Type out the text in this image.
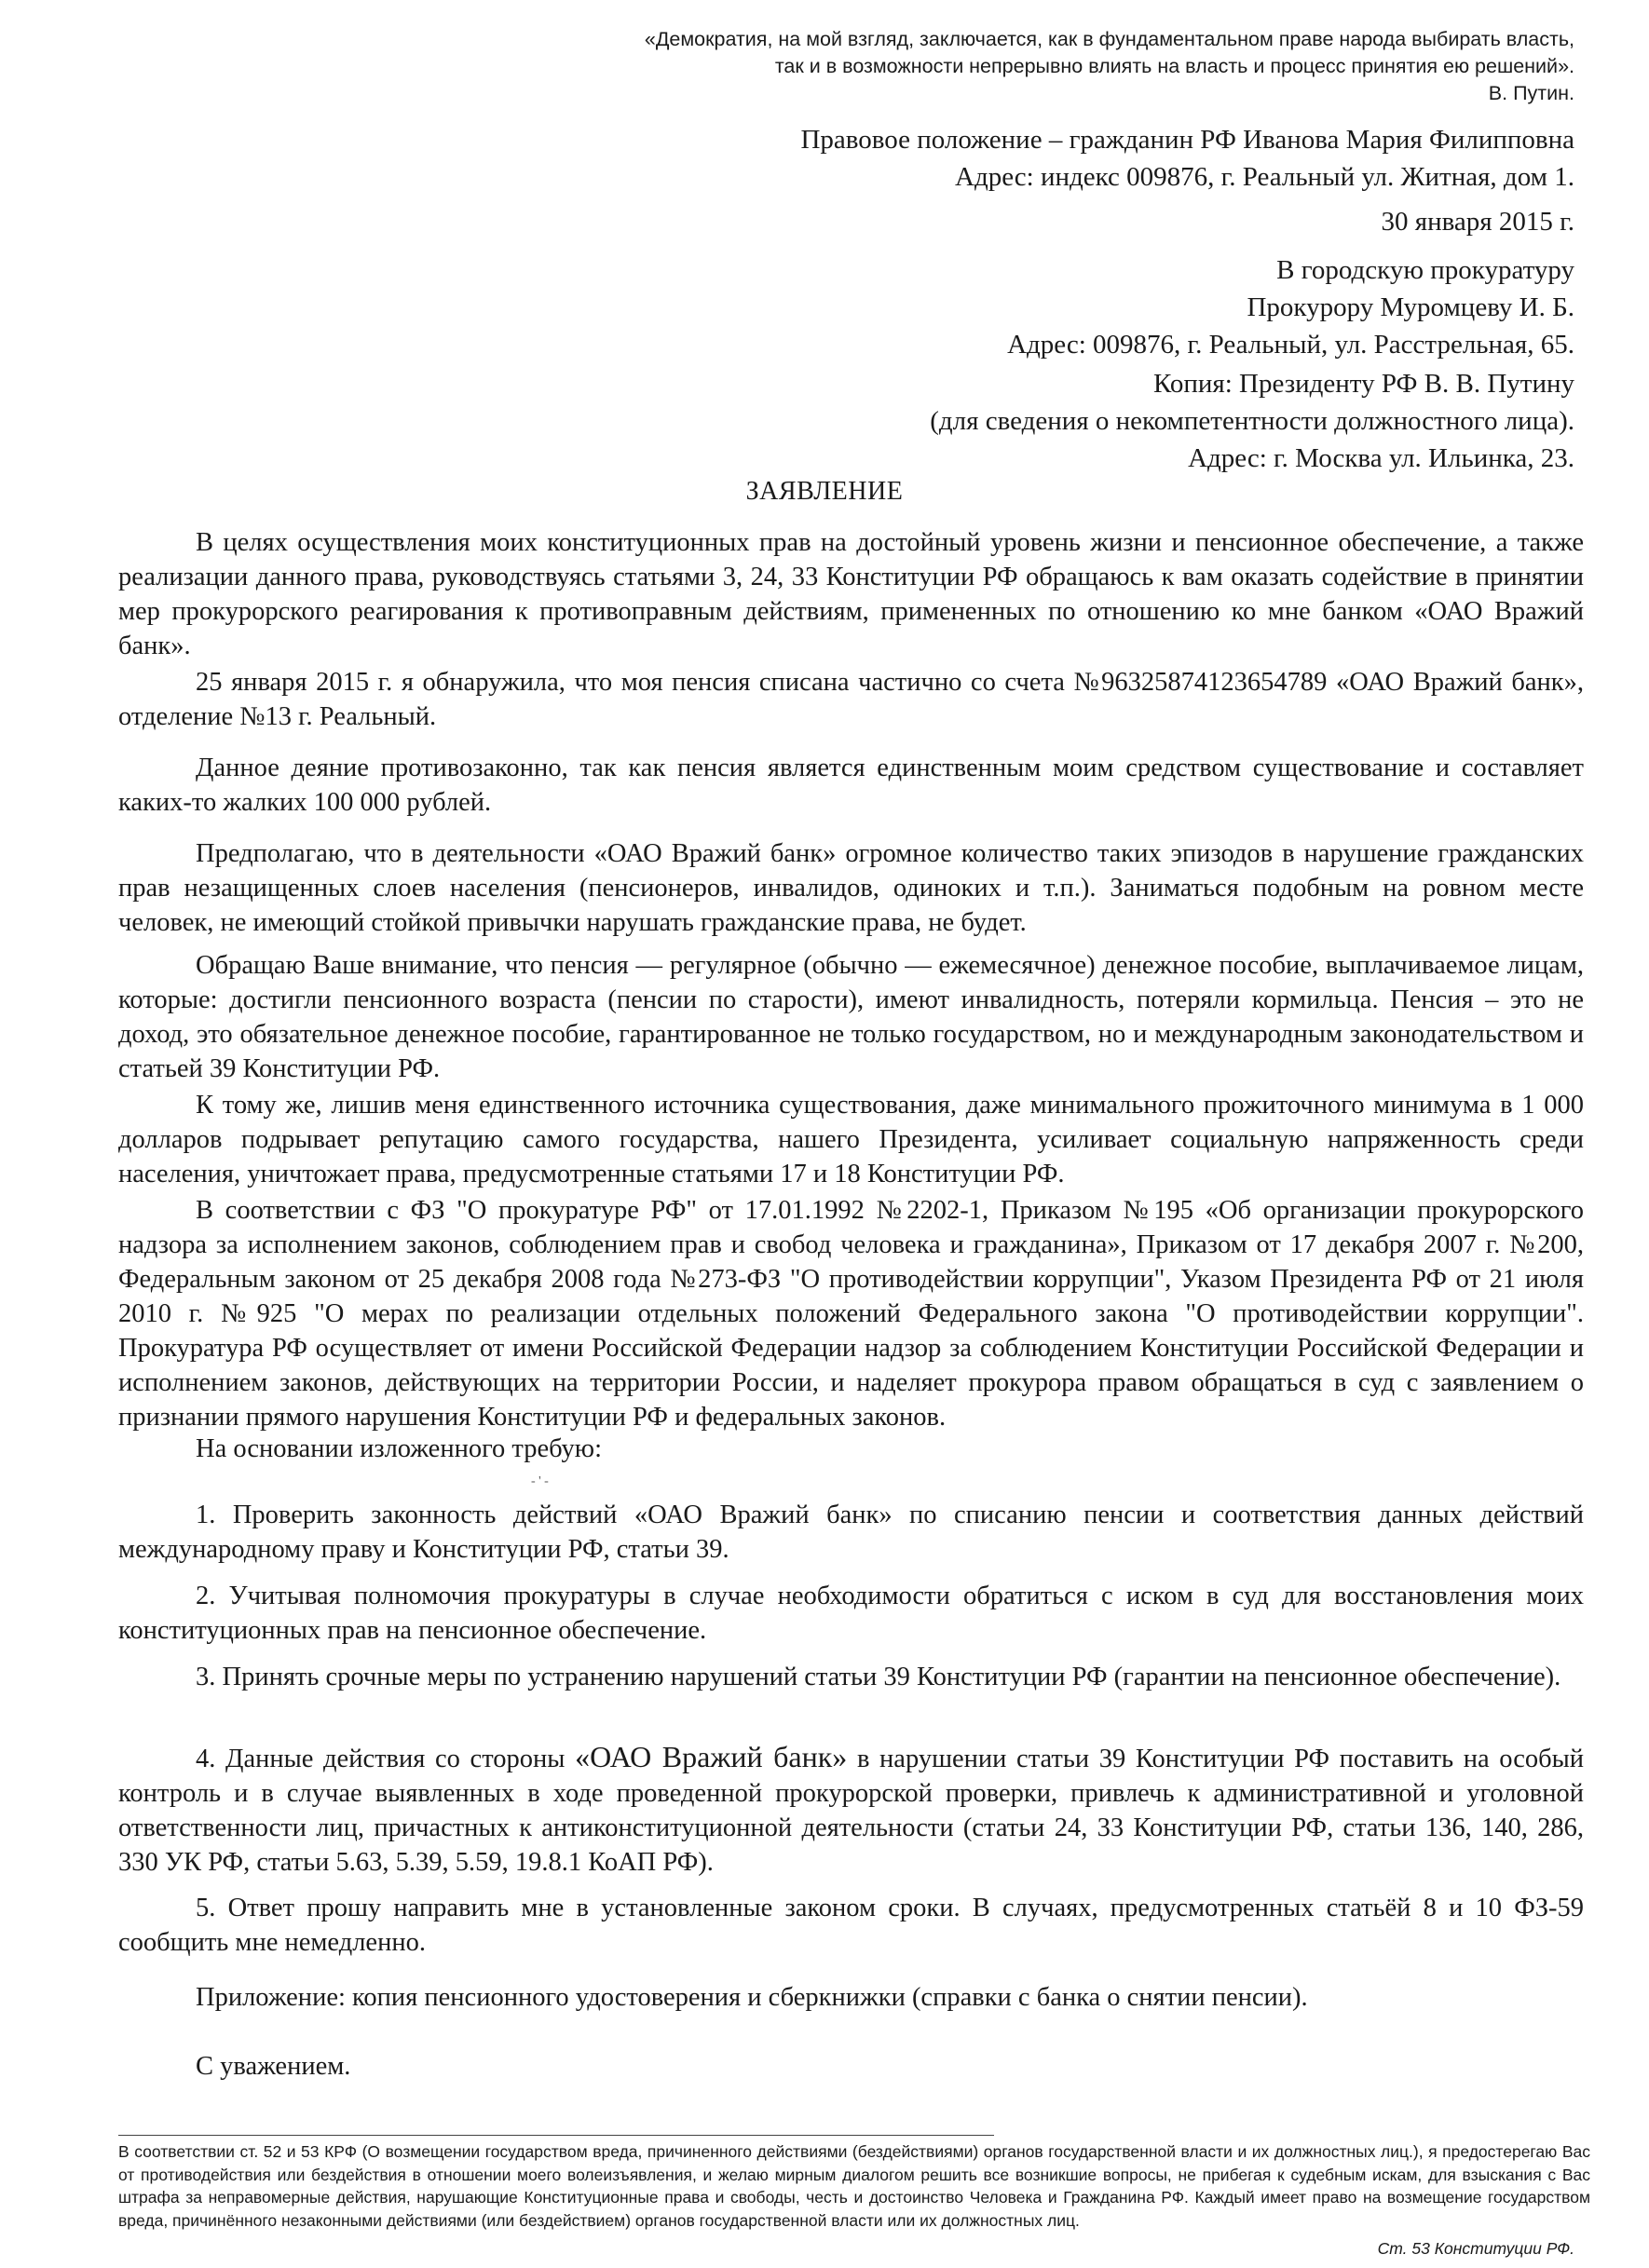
«Демократия, на мой взгляд, заключается, как в фундаментальном праве народа выбирать власть,
так и в возможности непрерывно влиять на власть и процесс принятия ею решений».
В. Путин.
Правовое положение – гражданин РФ Иванова Мария Филипповна
Адрес: индекс 009876, г. Реальный ул. Житная, дом 1.
30 января 2015 г.
В городскую прокуратуру
Прокурору Муромцеву И. Б.
Адрес: 009876, г. Реальный, ул. Расстрельная, 65.
Копия: Президенту РФ В. В. Путину
(для сведения о некомпетентности должностного лица).
Адрес: г. Москва ул. Ильинка, 23.
ЗАЯВЛЕНИЕ

В целях осуществления моих конституционных прав на достойный уровень жизни и пенсионное обеспечение, а также реализации данного права, руководствуясь статьями 3, 24, 33 Конституции РФ обращаюсь к вам оказать содействие в принятии мер прокурорского реагирования к противоправным действиям, примененных по отношению ко мне банком «ОАО Вражий банк».

25 января 2015 г. я обнаружила, что моя пенсия списана частично со счета №96325874123654789 «ОАО Вражий банк», отделение №13 г. Реальный.

Данное деяние противозаконно, так как пенсия является единственным моим средством существование и составляет каких-то жалких 100 000 рублей.

Предполагаю, что в деятельности «ОАО Вражий банк» огромное количество таких эпизодов в нарушение гражданских прав незащищенных слоев населения (пенсионеров, инвалидов, одиноких и т.п.). Заниматься подобным на ровном месте человек, не имеющий стойкой привычки нарушать гражданские права, не будет.

Обращаю Ваше внимание, что пенсия — регулярное (обычно — ежемесячное) денежное пособие, выплачиваемое лицам, которые: достигли пенсионного возраста (пенсии по старости), имеют инвалидность, потеряли кормильца. Пенсия – это не доход, это обязательное денежное пособие, гарантированное не только государством, но и международным законодательством и статьей 39 Конституции РФ.

К тому же, лишив меня единственного источника существования, даже минимального прожиточного минимума в 1 000 долларов подрывает репутацию самого государства, нашего Президента, усиливает социальную напряженность среди населения, уничтожает права, предусмотренные статьями 17 и 18 Конституции РФ.

В соответствии с ФЗ "О прокуратуре РФ" от 17.01.1992 №2202-1, Приказом №195 «Об организации прокурорского надзора за исполнением законов, соблюдением прав и свобод человека и гражданина», Приказом от 17 декабря 2007 г. №200, Федеральным законом от 25 декабря 2008 года №273-ФЗ "О противодействии коррупции", Указом Президента РФ от 21 июля 2010 г. №925 "О мерах по реализации отдельных положений Федерального закона "О противодействии коррупции". Прокуратура РФ осуществляет от имени Российской Федерации надзор за соблюдением Конституции Российской Федерации и исполнением законов, действующих на территории России, и наделяет прокурора правом обращаться в суд с заявлением о признании прямого нарушения Конституции РФ и федеральных законов.

На основании изложенного требую:

- ' -

1. Проверить законность действий «ОАО Вражий банк» по списанию пенсии и соответствия данных действий международному праву и Конституции РФ, статьи 39.

2. Учитывая полномочия прокуратуры в случае необходимости обратиться с иском в суд для восстановления моих конституционных прав на пенсионное обеспечение.

3. Принять срочные меры по устранению нарушений статьи 39 Конституции РФ (гарантии на пенсионное обеспечение).

4. Данные действия со стороны «ОАО Вражий банк» в нарушении статьи 39 Конституции РФ поставить на особый контроль и в случае выявленных в ходе проведенной прокурорской проверки, привлечь к административной и уголовной ответственности лиц, причастных к антиконституционной деятельности (статьи 24, 33 Конституции РФ, статьи 136, 140, 286, 330 УК РФ, статьи 5.63, 5.39, 5.59, 19.8.1 КоАП РФ).

5. Ответ прошу направить мне в установленные законом сроки. В случаях, предусмотренных статьёй 8 и 10 ФЗ-59 сообщить мне немедленно.

Приложение: копия пенсионного удостоверения и сберкнижки (справки с банка о снятии пенсии).

С уважением.

В соответствии ст. 52 и 53 КРФ (О возмещении государством вреда, причиненного действиями (бездействиями) органов государственной власти и их должностных лиц.), я предостерегаю Вас от противодействия или бездействия в отношении моего волеизъявления, и желаю мирным диалогом решить все возникшие вопросы, не прибегая к судебным искам, для взыскания с Вас штрафа за неправомерные действия, нарушающие Конституционные права и свободы, честь и достоинство Человека и Гражданина РФ. Каждый имеет право на возмещение государством вреда, причинённого незаконными действиями (или бездействием) органов государственной власти или их должностных лиц.
Ст. 53 Конституции РФ.
